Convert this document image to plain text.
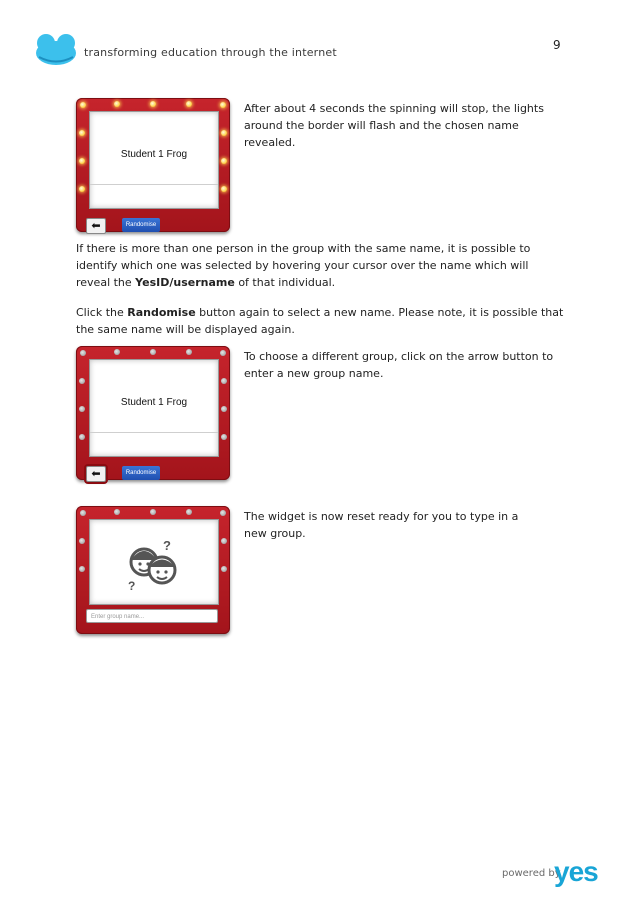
transforming education through the internet
9
Student 1 Frog
⬅	Randomise
After about 4 seconds the spinning will stop, the lights around the border will flash and the chosen name revealed.
If there is more than one person in the group with the same name, it is possible to identify which one was selected by hovering your cursor over the name which will reveal the YesID/username of that individual.
Click the Randomise button again to select a new name. Please note, it is possible that the same name will be displayed again.
Student 1 Frog
⬅	Randomise
To choose a different group, click on the arrow button to enter a new group name.
?
?
Enter group name...
The widget is now reset ready for you to type in a new group.
powered by
yes
